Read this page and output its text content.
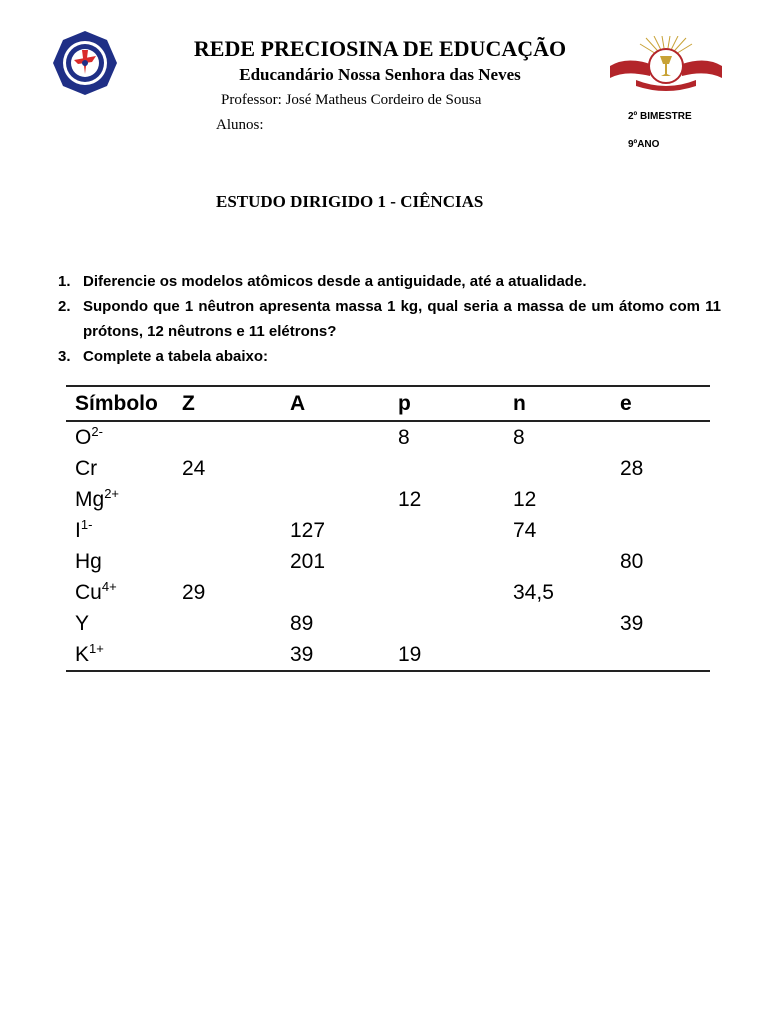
REDE PRECIOSINA DE EDUCAÇÃO
Educandário Nossa Senhora das Neves
Professor: José Matheus Cordeiro de Sousa
Alunos:
2º BIMESTRE
9ºANO
ESTUDO DIRIGIDO 1 - CIÊNCIAS
1. Diferencie os modelos atômicos desde a antiguidade, até a atualidade.
2. Supondo que 1 nêutron apresenta massa 1 kg, qual seria a massa de um átomo com 11 prótons, 12 nêutrons e 11 elétrons?
3. Complete a tabela abaixo:
Símbolo	Z	A	p	n	e
$O^{2-}$			8	8	
Cr	24				28
$Mg^{2+}$			12	12	
$I^{1-}$		127		74	
Hg		201			80
$Cu^{4+}$	29			34,5	
Y		89			39
$K^{1+}$		39	19		
